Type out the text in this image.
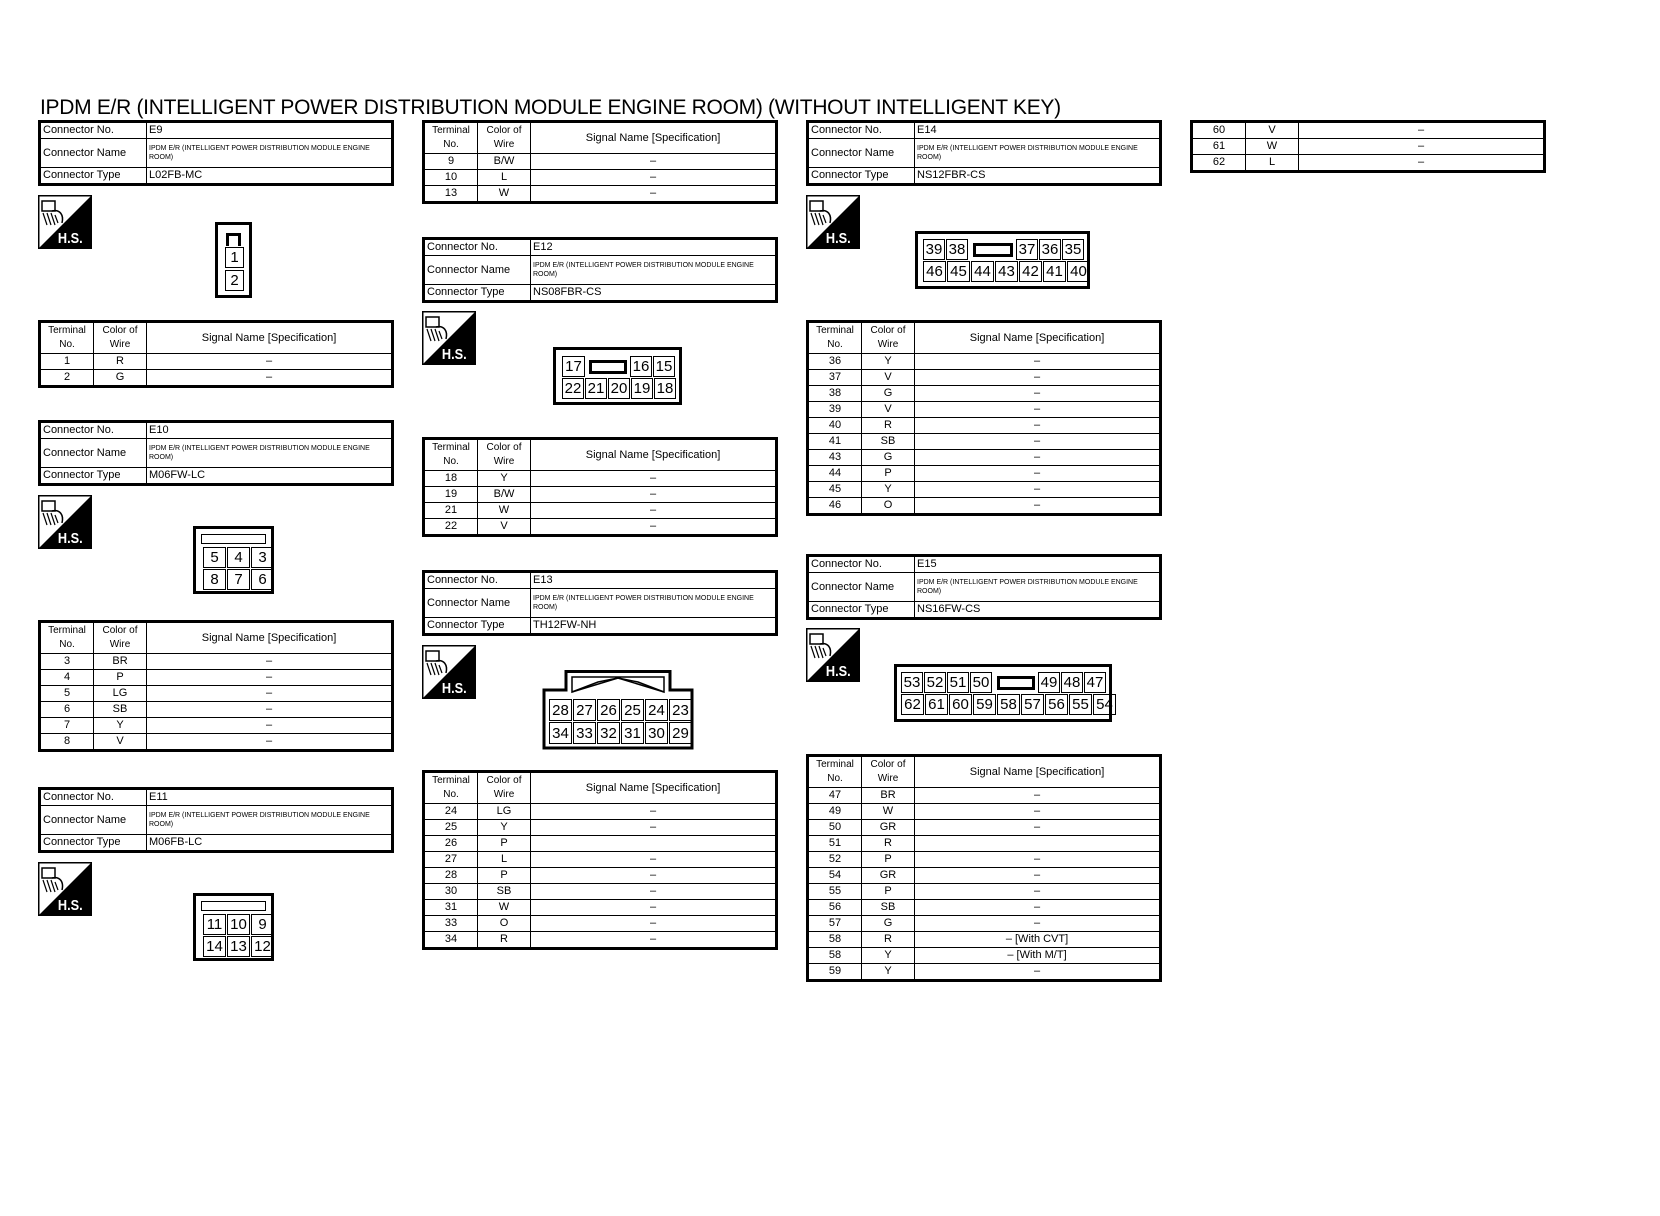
IPDM E/R (INTELLIGENT POWER DISTRIBUTION MODULE ENGINE ROOM) (WITHOUT INTELLIGENT KEY)
Connector No.	E9
Connector Name	IPDM E/R (INTELLIGENT POWER DISTRIBUTION MODULE ENGINE ROOM)
Connector Type	L02FB-MC
H.S.
1
2
Terminal No.	Color of Wire	Signal Name [Specification]
1	R	–
2	G	–
Connector No.	E10
Connector Name	IPDM E/R (INTELLIGENT POWER DISTRIBUTION MODULE ENGINE ROOM)
Connector Type	M06FW-LC
H.S.
5	4	3
8	7	6
Terminal No.	Color of Wire	Signal Name [Specification]
3	BR	–
4	P	–
5	LG	–
6	SB	–
7	Y	–
8	V	–
Connector No.	E11
Connector Name	IPDM E/R (INTELLIGENT POWER DISTRIBUTION MODULE ENGINE ROOM)
Connector Type	M06FB-LC
H.S.
11 10 9
14 13 12
Terminal No.	Color of Wire	Signal Name [Specification]
9	B/W	–
10	L	–
13	W	–
Connector No.	E12
Connector Name	IPDM E/R (INTELLIGENT POWER DISTRIBUTION MODULE ENGINE ROOM)
Connector Type	NS08FBR-CS
H.S.
17	16 15
22 21 20 19 18
Terminal No.	Color of Wire	Signal Name [Specification]
18	Y	–
19	B/W	–
21	W	–
22	V	–
Connector No.	E13
Connector Name	IPDM E/R (INTELLIGENT POWER DISTRIBUTION MODULE ENGINE ROOM)
Connector Type	TH12FW-NH
H.S.
28 27 26 25 24 23
34 33 32 31 30 29
Terminal No.	Color of Wire	Signal Name [Specification]
24	LG	–
25	Y	–
26	P	
27	L	–
28	P	–
30	SB	–
31	W	–
33	O	–
34	R	–
Connector No.	E14
Connector Name	IPDM E/R (INTELLIGENT POWER DISTRIBUTION MODULE ENGINE ROOM)
Connector Type	NS12FBR-CS
H.S.
39 38	37 36 35
46 45 44 43 42 41 40
Terminal No.	Color of Wire	Signal Name [Specification]
36	Y	–
37	V	–
38	G	–
39	V	–
40	R	–
41	SB	–
43	G	–
44	P	–
45	Y	–
46	O	–
Connector No.	E15
Connector Name	IPDM E/R (INTELLIGENT POWER DISTRIBUTION MODULE ENGINE ROOM)
Connector Type	NS16FW-CS
H.S.
53 52 51 50	49 48 47
62 61 60 59 58 57 56 55 54
Terminal No.	Color of Wire	Signal Name [Specification]
47	BR	–
49	W	–
50	GR	–
51	R	
52	P	–
54	GR	–
55	P	–
56	SB	–
57	G	–
58	R	– [With CVT]
58	Y	– [With M/T]
59	Y	–
60	V	–
61	W	–
62	L	–
